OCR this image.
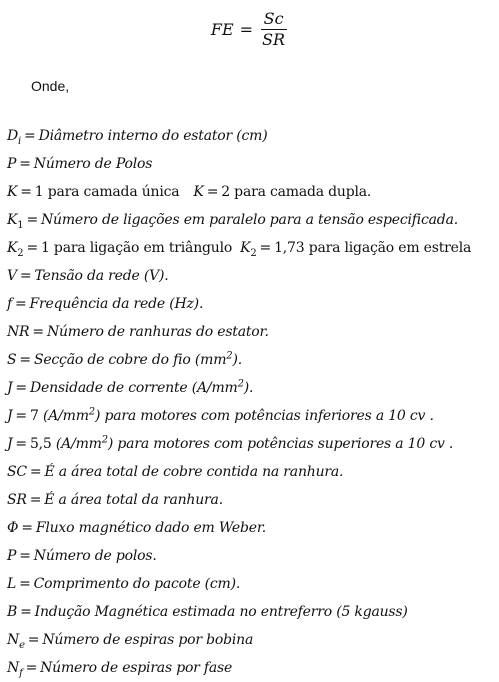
FE = $\frac{Sc}{SR}$
Onde,
$D_i$ = Diâmetro interno do estator (cm)
P = Número de Polos
K = 1 para camada única K = 2 para camada dupla.
$K_1$ = Número de ligações em paralelo para a tensão especificada.
$K_2 = 1$ para ligação em triângulo $K_2 = 1,73$ para ligação em estrela
V = Tensão da rede (V).
f = Frequência da rede (Hz).
NR = Número de ranhuras do estator.
S = Secção de cobre do fio $(mm^2)$.
J = Densidade de corrente $(A/mm^2)$.
J = 7 $(A/mm^2)$ para motores com potências inferiores a 10 cv .
J = 5,5 $(A/mm^2)$ para motores com potências superiores a 10 cv .
SC = É a área total de cobre contida na ranhura.
SR = É a área total da ranhura.
Φ = Fluxo magnético dado em Weber.
P = Número de polos.
L = Comprimento do pacote (cm).
B = Indução Magnética estimada no entreferro (5 kgauss)
$N_e$ = Número de espiras por bobina
$N_f$ = Número de espiras por fase
